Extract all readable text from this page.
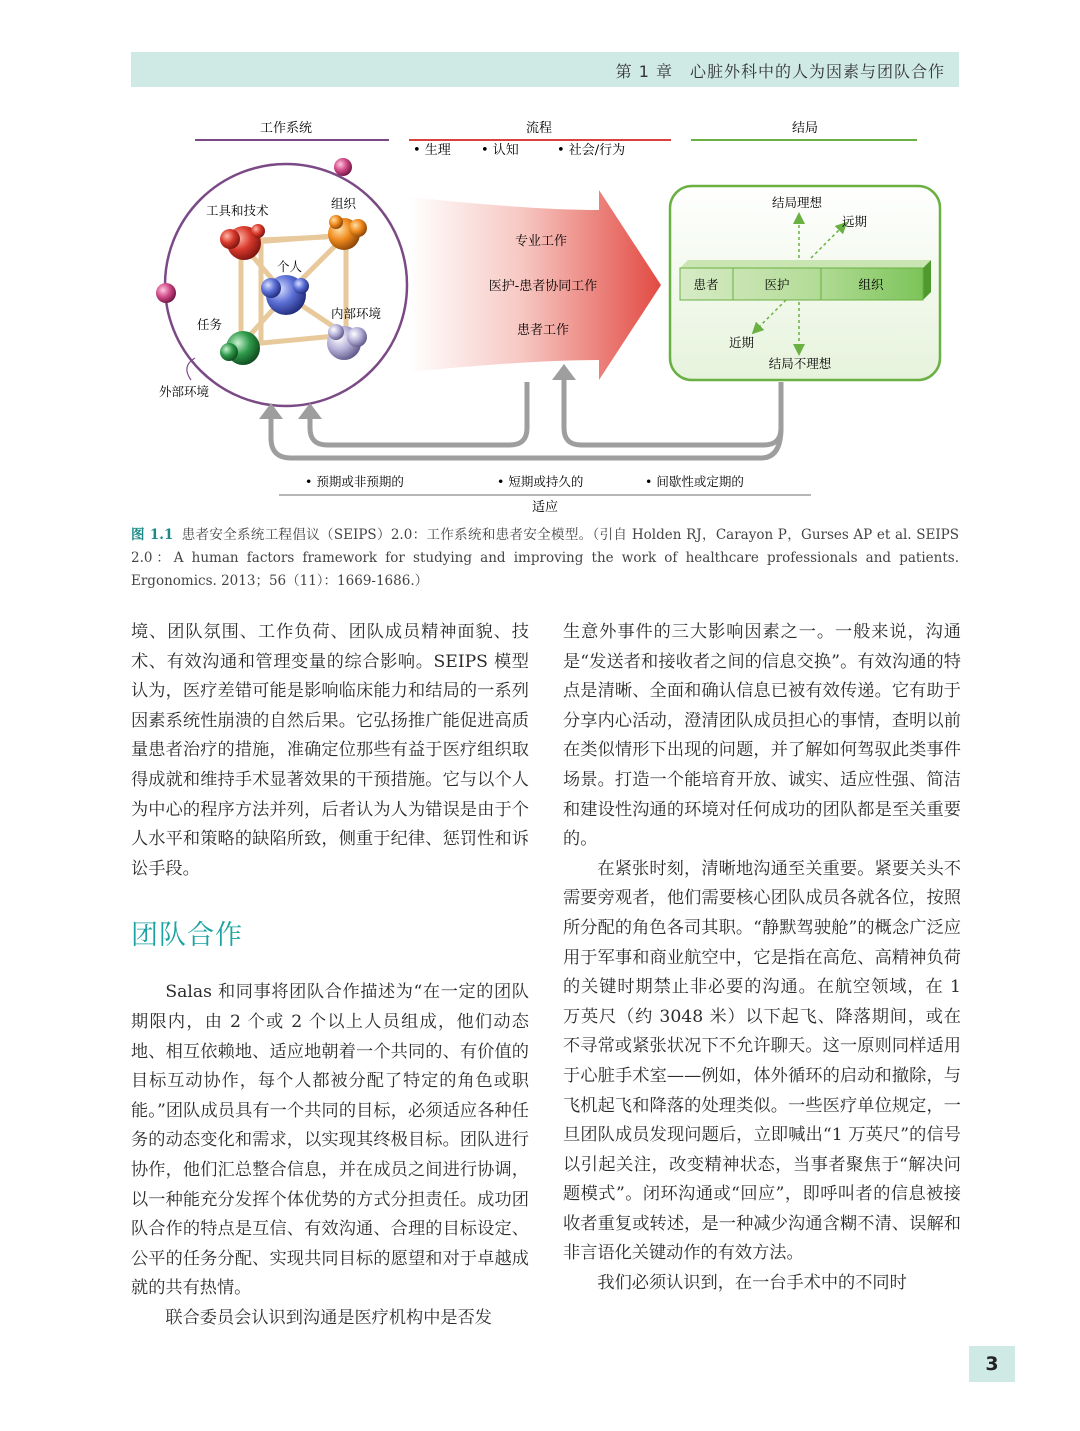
第 1 章　心脏外科中的人为因素与团队合作
工作系统	流程
• 生理 • 认知	• 社会/行为
结局
工具和技术	组织
个人
任务
内部环境
外部环境
专业工作
医护-患者协同工作
患者工作
患者	医护	组织
结局理想
远期
近期
结局不理想
• 预期或非预期的	• 短期或持久的	• 间歇性或定期的
适应
图 1.1 患者安全系统工程倡议（SEIPS）2.0：工作系统和患者安全模型。（引自 Holden RJ，Carayon P，Gurses AP et al. SEIPS 2.0：A human factors framework for studying and improving the work of healthcare professionals and patients. Ergonomics. 2013；56（11）：1669-1686.）

境、团队氛围、工作负荷、团队成员精神面貌、技术、有效沟通和管理变量的综合影响。SEIPS 模型认为，医疗差错可能是影响临床能力和结局的一系列因素系统性崩溃的自然后果。它弘扬推广能促进高质量患者治疗的措施，准确定位那些有益于医疗组织取得成就和维持手术显著效果的干预措施。它与以个人为中心的程序方法并列，后者认为人为错误是由于个人水平和策略的缺陷所致，侧重于纪律、惩罚性和诉讼手段。

团队合作

Salas 和同事将团队合作描述为“在一定的团队期限内，由 2 个或 2 个以上人员组成，他们动态地、相互依赖地、适应地朝着一个共同的、有价值的目标互动协作，每个人都被分配了特定的角色或职能。”团队成员具有一个共同的目标，必须适应各种任务的动态变化和需求，以实现其终极目标。团队进行协作，他们汇总整合信息，并在成员之间进行协调，以一种能充分发挥个体优势的方式分担责任。成功团队合作的特点是互信、有效沟通、合理的目标设定、公平的任务分配、实现共同目标的愿望和对于卓越成就的共有热情。

联合委员会认识到沟通是医疗机构中是否发

生意外事件的三大影响因素之一。一般来说，沟通是“发送者和接收者之间的信息交换”。有效沟通的特点是清晰、全面和确认信息已被有效传递。它有助于分享内心活动，澄清团队成员担心的事情，查明以前在类似情形下出现的问题，并了解如何驾驭此类事件场景。打造一个能培育开放、诚实、适应性强、简洁和建设性沟通的环境对任何成功的团队都是至关重要的。

在紧张时刻，清晰地沟通至关重要。紧要关头不需要旁观者，他们需要核心团队成员各就各位，按照所分配的角色各司其职。“静默驾驶舱”的概念广泛应用于军事和商业航空中，它是指在高危、高精神负荷的关键时期禁止非必要的沟通。在航空领域，在 1 万英尺（约 3048 米）以下起飞、降落期间，或在不寻常或紧张状况下不允许聊天。这一原则同样适用于心脏手术室——例如，体外循环的启动和撤除，与飞机起飞和降落的处理类似。一些医疗单位规定，一旦团队成员发现问题后，立即喊出“1 万英尺”的信号以引起关注，改变精神状态，当事者聚焦于“解决问题模式”。闭环沟通或“回应”，即呼叫者的信息被接收者重复或转述，是一种减少沟通含糊不清、误解和非言语化关键动作的有效方法。

我们必须认识到，在一台手术中的不同时

3
